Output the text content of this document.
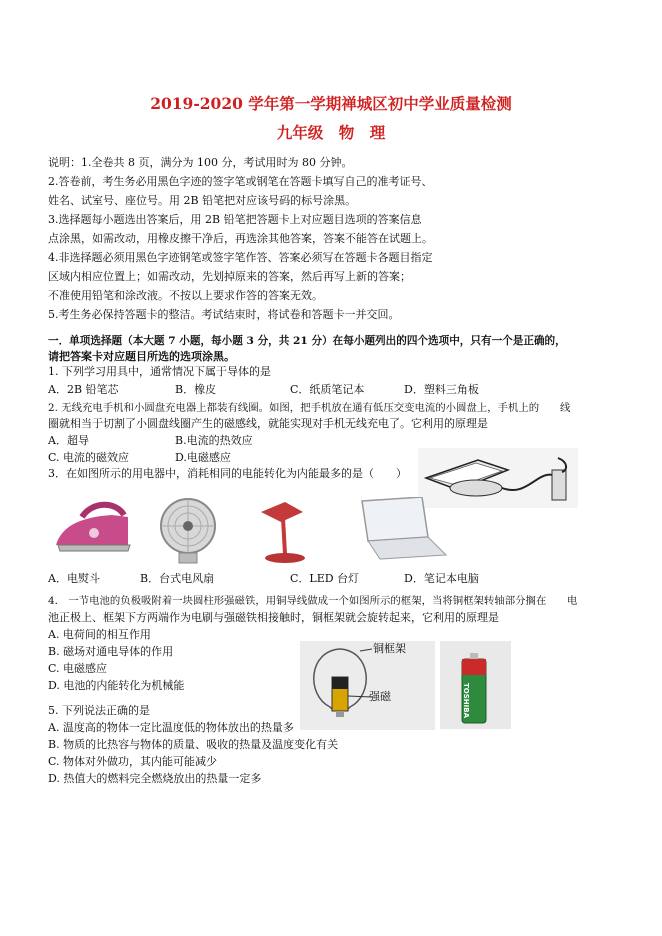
2019-2020 学年第一学期禅城区初中学业质量检测
九年级　物　理
说明：1.全卷共 8 页，满分为 100 分，考试用时为 80 分钟。
2.答卷前，考生务必用黑色字迹的签字笔或钢笔在答题卡填写自己的准考证号、
姓名、试室号、座位号。用 2B 铅笔把对应该号码的标号涂黑。
3.选择题每小题选出答案后，用 2B 铅笔把答题卡上对应题目选项的答案信息
点涂黑，如需改动，用橡皮擦干净后，再选涂其他答案，答案不能答在试题上。
4.非选择题必须用黑色字迹钢笔或签字笔作答、答案必须写在答题卡各题目指定
区域内相应位置上；如需改动，先划掉原来的答案，然后再写上新的答案；
不准使用铅笔和涂改液。不按以上要求作答的答案无效。
5.考生务必保持答题卡的整洁。考试结束时，将试卷和答题卡一并交回。
一．单项选择题（本大题 7 小题，每小题 3 分，共 21 分）在每小题列出的四个选项中，只有一个是正确的，
请把答案卡对应题目所选的选项涂黑。
1. 下列学习用具中，通常情况下属于导体的是
A．2B 铅笔芯	B．橡皮	C．纸质笔记本	D．塑料三角板
2. 无线充电手机和小圆盘充电器上都装有线圈。如图，把手机放在通有低压交变电流的小圆盘上，手机上的　　线
圈就相当于切割了小圆盘线圈产生的磁感线，就能实现对手机无线充电了。它利用的原理是
A．超导	B.电流的热效应
C. 电流的磁效应	D.电磁感应
3．在如图所示的用电器中，消耗相同的电能转化为内能最多的是（　　）
A．电熨斗	B．台式电风扇	C．LED 台灯	D．笔记本电脑
4． 一节电池的负极吸附着一块圆柱形强磁铁，用铜导线做成一个如图所示的框架，当将铜框架转轴部分搁在　　电
池正极上、框架下方两端作为电刷与强磁铁相接触时，铜框架就会旋转起来，它利用的原理是
A. 电荷间的相互作用
B. 磁场对通电导体的作用
C. 电磁感应
D. 电池的内能转化为机械能
铜框架
强磁	TOSHIBA
5. 下列说法正确的是
A. 温度高的物体一定比温度低的物体放出的热量多
B. 物质的比热容与物体的质量、吸收的热量及温度变化有关
C. 物体对外做功，其内能可能减少
D. 热值大的燃料完全燃烧放出的热量一定多
